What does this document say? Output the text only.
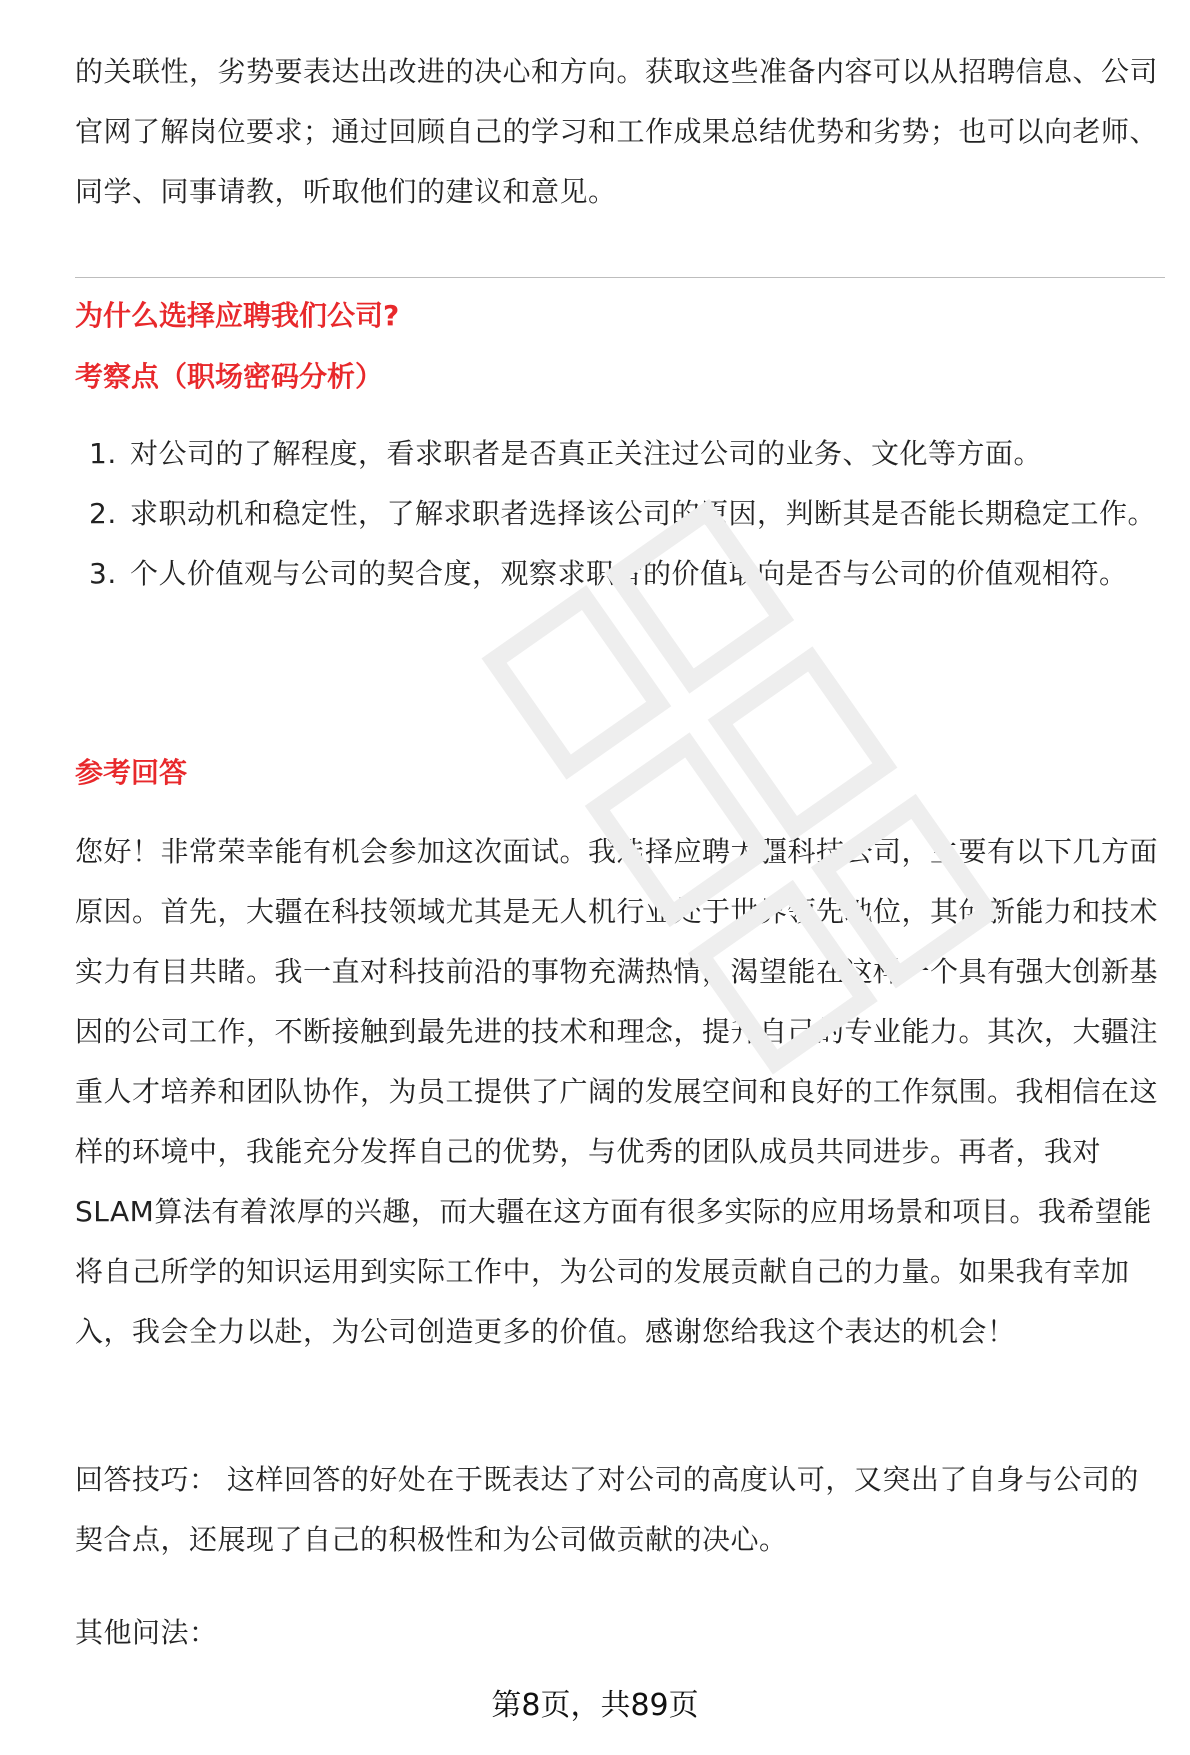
的关联性，劣势要表达出改进的决心和方向。获取这些准备内容可以从招聘信息、公司官网了解岗位要求；通过回顾自己的学习和工作成果总结优势和劣势；也可以向老师、同学、同事请教，听取他们的建议和意见。

为什么选择应聘我们公司?
考察点（职场密码分析）
1. 对公司的了解程度，看求职者是否真正关注过公司的业务、文化等方面。
2. 求职动机和稳定性，了解求职者选择该公司的原因，判断其是否能长期稳定工作。
3. 个人价值观与公司的契合度，观察求职者的价值取向是否与公司的价值观相符。
参考回答

您好！非常荣幸能有机会参加这次面试。我选择应聘大疆科技公司，主要有以下几方面原因。首先，大疆在科技领域尤其是无人机行业处于世界领先地位，其创新能力和技术实力有目共睹。我一直对科技前沿的事物充满热情，渴望能在这样一个具有强大创新基因的公司工作，不断接触到最先进的技术和理念，提升自己的专业能力。其次，大疆注重人才培养和团队协作，为员工提供了广阔的发展空间和良好的工作氛围。我相信在这样的环境中，我能充分发挥自己的优势，与优秀的团队成员共同进步。再者，我对SLAM算法有着浓厚的兴趣，而大疆在这方面有很多实际的应用场景和项目。我希望能将自己所学的知识运用到实际工作中，为公司的发展贡献自己的力量。如果我有幸加入，我会全力以赴，为公司创造更多的价值。感谢您给我这个表达的机会！

回答技巧： 这样回答的好处在于既表达了对公司的高度认可，又突出了自身与公司的契合点，还展现了自己的积极性和为公司做贡献的决心。

其他问法：

第8页，共89页
